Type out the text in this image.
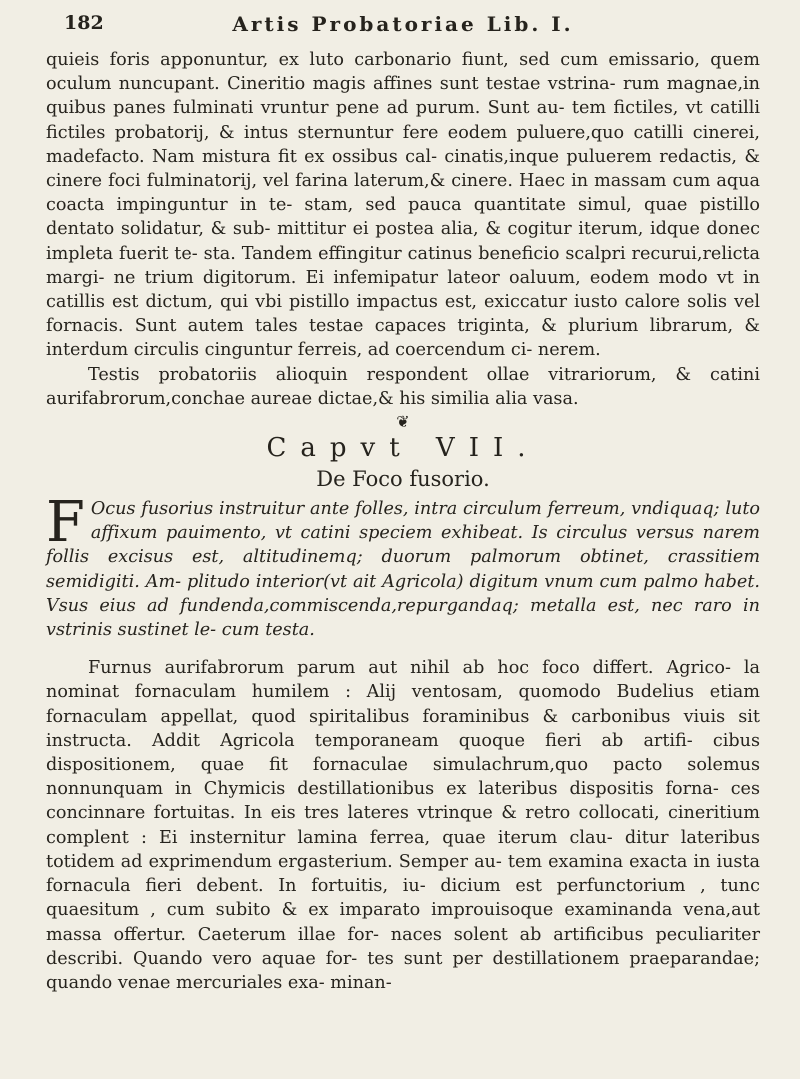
182	Artis Probatoriae Lib. I.

quieis foris apponuntur, ex luto carbonario fiunt, sed cum emissario, quem oculum nuncupant. Cineritio magis affines sunt testae vstrina- rum magnae,in quibus panes fulminati vruntur pene ad purum. Sunt au- tem fictiles, vt catilli fictiles probatorij, & intus sternuntur fere eodem puluere,quo catilli cinerei, madefacto. Nam mistura fit ex ossibus cal- cinatis,inque puluerem redactis, & cinere foci fulminatorij, vel farina laterum,& cinere. Haec in massam cum aqua coacta impinguntur in te- stam, sed pauca quantitate simul, quae pistillo dentato solidatur, & sub- mittitur ei postea alia, & cogitur iterum, idque donec impleta fuerit te- sta. Tandem effingitur catinus beneficio scalpri recurui,relicta margi- ne trium digitorum. Ei infemipatur lateor oaluum, eodem modo vt in catillis est dictum, qui vbi pistillo impactus est, exiccatur iusto calore solis vel fornacis. Sunt autem tales testae capaces triginta, & plurium librarum, & interdum circulis cinguntur ferreis, ad coercendum ci- nerem.

Testis probatoriis alioquin respondent ollae vitrariorum, & catini aurifabrorum,conchae aureae dictae,& his similia alia vasa.

❦
Capvt VII.
De Foco fusorio.
F Ocus fusorius instruitur ante folles, intra circulum ferreum, vndiquaq; luto affixum pauimento, vt catini speciem exhibeat. Is circulus versus narem follis excisus est, altitudinemq; duorum palmorum obtinet, crassitiem semidigiti. Am- plitudo interior(vt ait Agricola) digitum vnum cum palmo habet. Vsus eius ad fundenda,commiscenda,repurgandaq; metalla est, nec raro in vstrinis sustinet le- cum testa.

Furnus aurifabrorum parum aut nihil ab hoc foco differt. Agrico- la nominat fornaculam humilem : Alij ventosam, quomodo Budelius etiam fornaculam appellat, quod spiritalibus foraminibus & carbonibus viuis sit instructa. Addit Agricola temporaneam quoque fieri ab artifi- cibus dispositionem, quae fit fornaculae simulachrum,quo pacto solemus nonnunquam in Chymicis destillationibus ex lateribus dispositis forna- ces concinnare fortuitas. In eis tres lateres vtrinque & retro collocati, cineritium complent : Ei insternitur lamina ferrea, quae iterum clau- ditur lateribus totidem ad exprimendum ergasterium. Semper au- tem examina exacta in iusta fornacula fieri debent. In fortuitis, iu- dicium est perfunctorium , tunc quaesitum , cum subito & ex imparato improuisoque examinanda vena,aut massa offertur. Caeterum illae for- naces solent ab artificibus peculiariter describi. Quando vero aquae for- tes sunt per destillationem praeparandae; quando venae mercuriales exa- minan-
